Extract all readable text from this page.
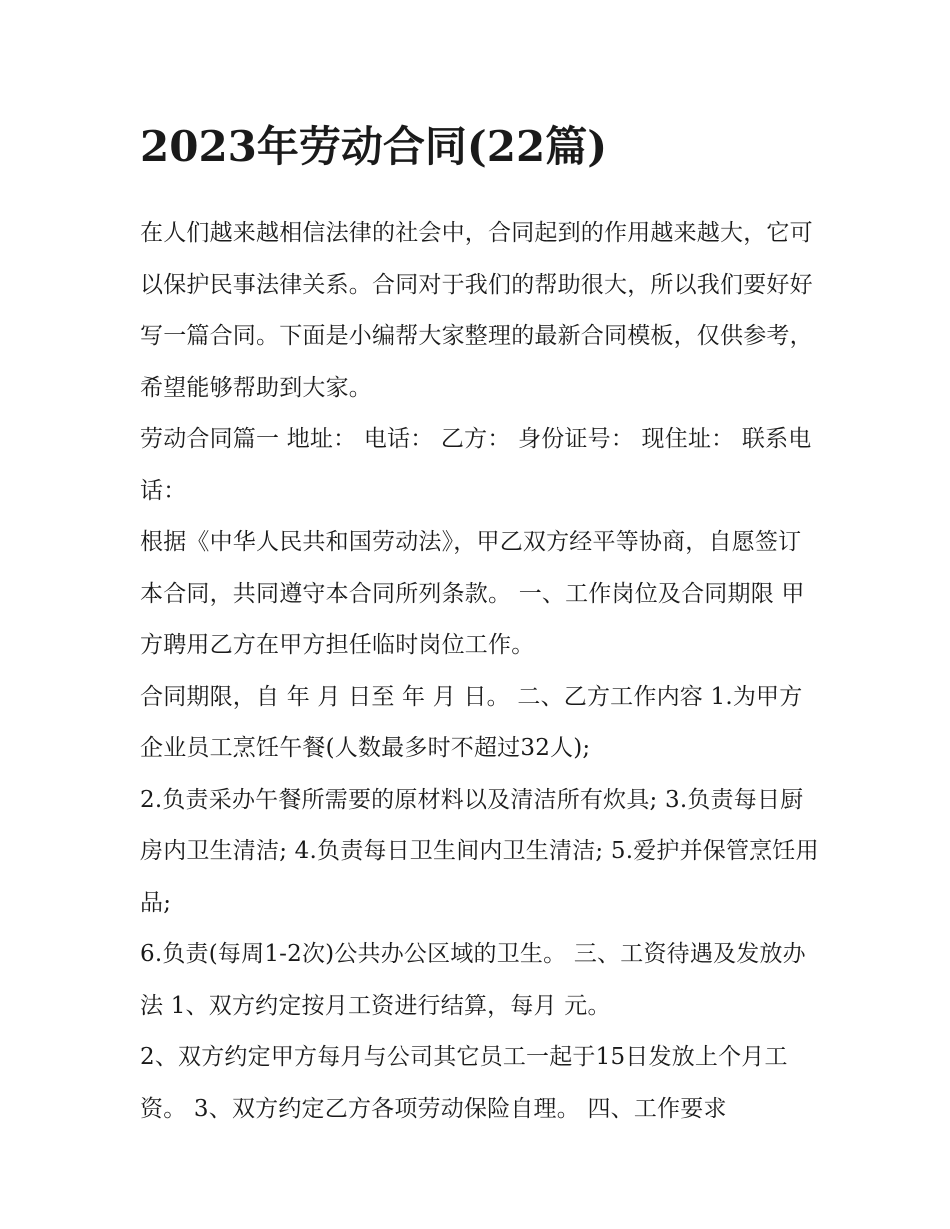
2023年劳动合同(22篇)

在人们越来越相信法律的社会中，合同起到的作用越来越大，它可以保护民事法律关系。合同对于我们的帮助很大，所以我们要好好写一篇合同。下面是小编帮大家整理的最新合同模板，仅供参考，希望能够帮助到大家。

劳动合同篇一 地址： 电话： 乙方： 身份证号： 现住址： 联系电话：

根据《中华人民共和国劳动法》，甲乙双方经平等协商，自愿签订本合同，共同遵守本合同所列条款。 一、工作岗位及合同期限 甲方聘用乙方在甲方担任临时岗位工作。

合同期限，自 年 月 日至 年 月 日。 二、乙方工作内容 1.为甲方企业员工烹饪午餐(人数最多时不超过32人);

2.负责采办午餐所需要的原材料以及清洁所有炊具; 3.负责每日厨房内卫生清洁; 4.负责每日卫生间内卫生清洁; 5.爱护并保管烹饪用品;

6.负责(每周1-2次)公共办公区域的卫生。 三、工资待遇及发放办法 1、双方约定按月工资进行结算，每月 元。

2、双方约定甲方每月与公司其它员工一起于15日发放上个月工资。 3、双方约定乙方各项劳动保险自理。 四、工作要求
